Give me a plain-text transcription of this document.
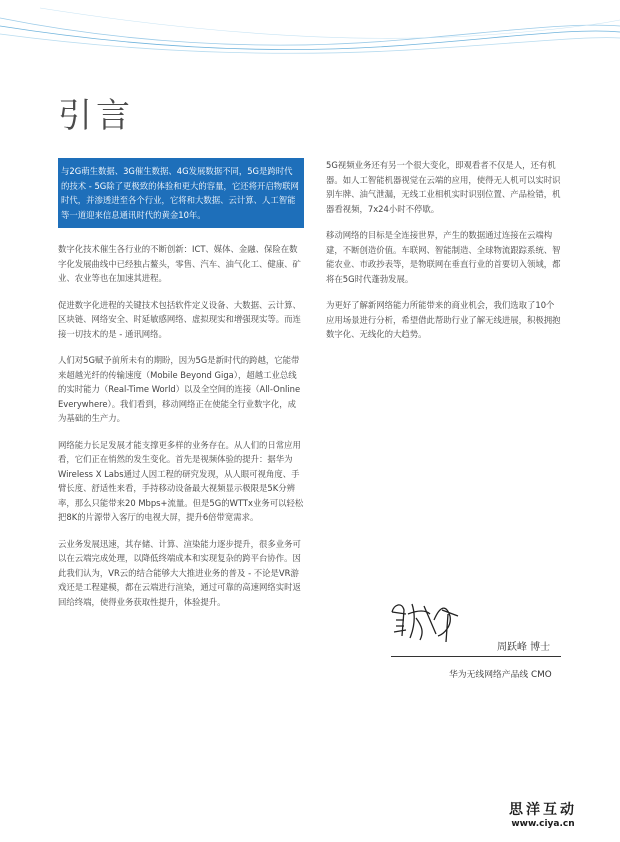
引言
与2G萌生数据、3G催生数据、4G发展数据不同，5G是跨时代的技术 - 5G除了更极致的体验和更大的容量，它还将开启物联网时代，并渗透进至各个行业，它将和大数据、云计算、人工智能等一道迎来信息通讯时代的黄金10年。

数字化技术催生各行业的不断创新：ICT、媒体、金融、保险在数字化发展曲线中已经独占鳌头，零售、汽车、油气化工、健康、矿业、农业等也在加速其进程。

促进数字化进程的关键技术包括软件定义设备、大数据、云计算、区块链、网络安全、时延敏感网络、虚拟现实和增强现实等。而连接一切技术的是 - 通讯网络。

人们对5G赋予前所未有的期盼，因为5G是新时代的跨越，它能带来超越光纤的传输速度（Mobile Beyond Giga），超越工业总线的实时能力（Real-Time World）以及全空间的连接（All-Online Everywhere）。我们看到，移动网络正在使能全行业数字化，成为基础的生产力。

网络能力长足发展才能支撑更多样的业务存在。从人们的日常应用看，它们正在悄然的发生变化。首先是视频体验的提升：据华为Wireless X Labs通过人因工程的研究发现，从人眼可视角度、手臂长度、舒适性来看，手持移动设备最大视频显示极限是5K分辨率，那么只能带来20 Mbps+流量。但是5G的WTTx业务可以轻松把8K的片源带入客厅的电视大屏，提升6倍带宽需求。

云业务发展迅速，其存储、计算、渲染能力逐步提升，很多业务可以在云端完成处理，以降低终端成本和实现复杂的跨平台协作。因此我们认为，VR云的结合能够大大推进业务的普及 - 不论是VR游戏还是工程建模，都在云端进行渲染，通过可靠的高速网络实时返回给终端，使得业务获取性提升，体验提升。

5G视频业务还有另一个很大变化，即观看者不仅是人，还有机器。如人工智能机器视觉在云端的应用，使得无人机可以实时识别车牌、油气泄漏，无线工业相机实时识别位置、产品检错，机器看视频，7x24小时不停歇。

移动网络的目标是全连接世界，产生的数据通过连接在云端构建，不断创造价值。车联网、智能制造、全球物流跟踪系统、智能农业、市政抄表等，是物联网在垂直行业的首要切入领域，都将在5G时代蓬勃发展。

为更好了解新网络能力所能带来的商业机会，我们选取了10个应用场景进行分析，希望借此帮助行业了解无线进展，积极拥抱数字化、无线化的大趋势。

周跃峰 博士
华为无线网络产品线 CMO
思洋互动
www.ciya.cn
